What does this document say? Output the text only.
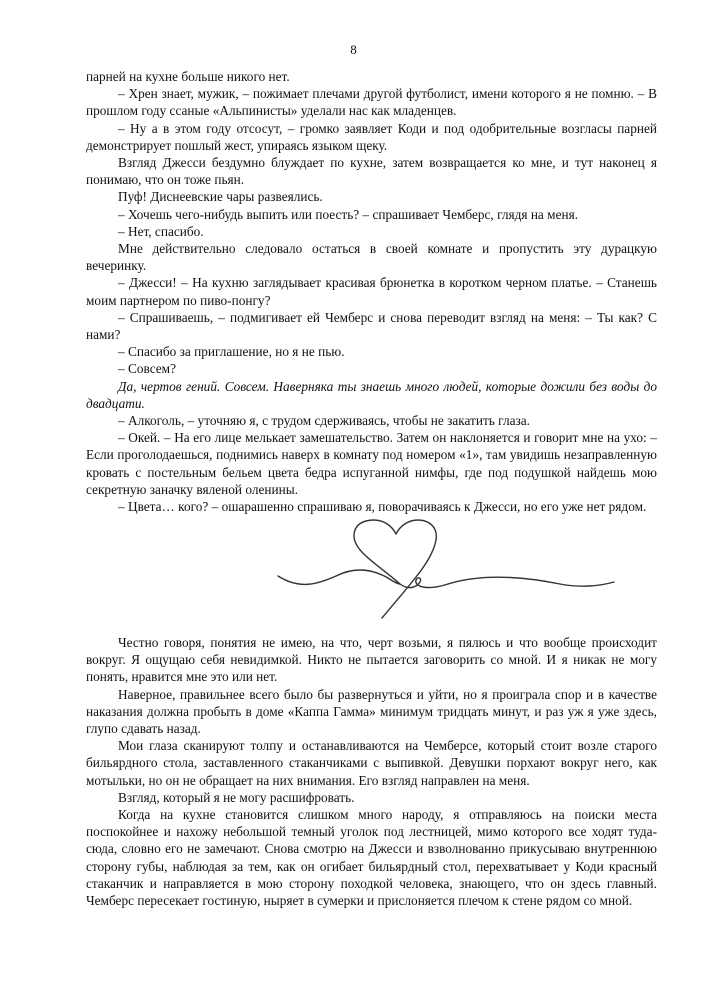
8

парней на кухне больше никого нет.

– Хрен знает, мужик, – пожимает плечами другой футболист, имени которого я не помню. – В прошлом году ссаные «Альпинисты» уделали нас как младенцев.

– Ну а в этом году отсосут, – громко заявляет Коди и под одобрительные возгласы парней демонстрирует пошлый жест, упираясь языком щеку.

Взгляд Джесси бездумно блуждает по кухне, затем возвращается ко мне, и тут наконец я понимаю, что он тоже пьян.

Пуф! Диснеевские чары развеялись.

– Хочешь чего-нибудь выпить или поесть? – спрашивает Чемберс, глядя на меня.

– Нет, спасибо.

Мне действительно следовало остаться в своей комнате и пропустить эту дурацкую вечеринку.

– Джесси! – На кухню заглядывает красивая брюнетка в коротком черном платье. – Станешь моим партнером по пиво-понгу?

– Спрашиваешь, – подмигивает ей Чемберс и снова переводит взгляд на меня: – Ты как? С нами?

– Спасибо за приглашение, но я не пью.

– Совсем?

Да, чертов гений. Совсем. Наверняка ты знаешь много людей, которые дожили без воды до двадцати.

– Алкоголь, – уточняю я, с трудом сдерживаясь, чтобы не закатить глаза.

– Окей. – На его лице мелькает замешательство. Затем он наклоняется и говорит мне на ухо: – Если проголодаешься, поднимись наверх в комнату под номером «1», там увидишь незаправленную кровать с постельным бельем цвета бедра испуганной нимфы, где под подушкой найдешь мою секретную заначку вяленой оленины.

– Цвета… кого? – ошарашенно спрашиваю я, поворачиваясь к Джесси, но его уже нет рядом.

Честно говоря, понятия не имею, на что, черт возьми, я пялюсь и что вообще происходит вокруг. Я ощущаю себя невидимкой. Никто не пытается заговорить со мной. И я никак не могу понять, нравится мне это или нет.

Наверное, правильнее всего было бы развернуться и уйти, но я проиграла спор и в качестве наказания должна пробыть в доме «Каппа Гамма» минимум тридцать минут, и раз уж я уже здесь, глупо сдавать назад.

Мои глаза сканируют толпу и останавливаются на Чемберсе, который стоит возле старого бильярдного стола, заставленного стаканчиками с выпивкой. Девушки порхают вокруг него, как мотыльки, но он не обращает на них внимания. Его взгляд направлен на меня.

Взгляд, который я не могу расшифровать.

Когда на кухне становится слишком много народу, я отправляюсь на поиски места поспокойнее и нахожу небольшой темный уголок под лестницей, мимо которого все ходят туда-сюда, словно его не замечают. Снова смотрю на Джесси и взволнованно прикусываю внутреннюю сторону губы, наблюдая за тем, как он огибает бильярдный стол, перехватывает у Коди красный стаканчик и направляется в мою сторону походкой человека, знающего, что он здесь главный. Чемберс пересекает гостиную, ныряет в сумерки и прислоняется плечом к стене рядом со мной.
